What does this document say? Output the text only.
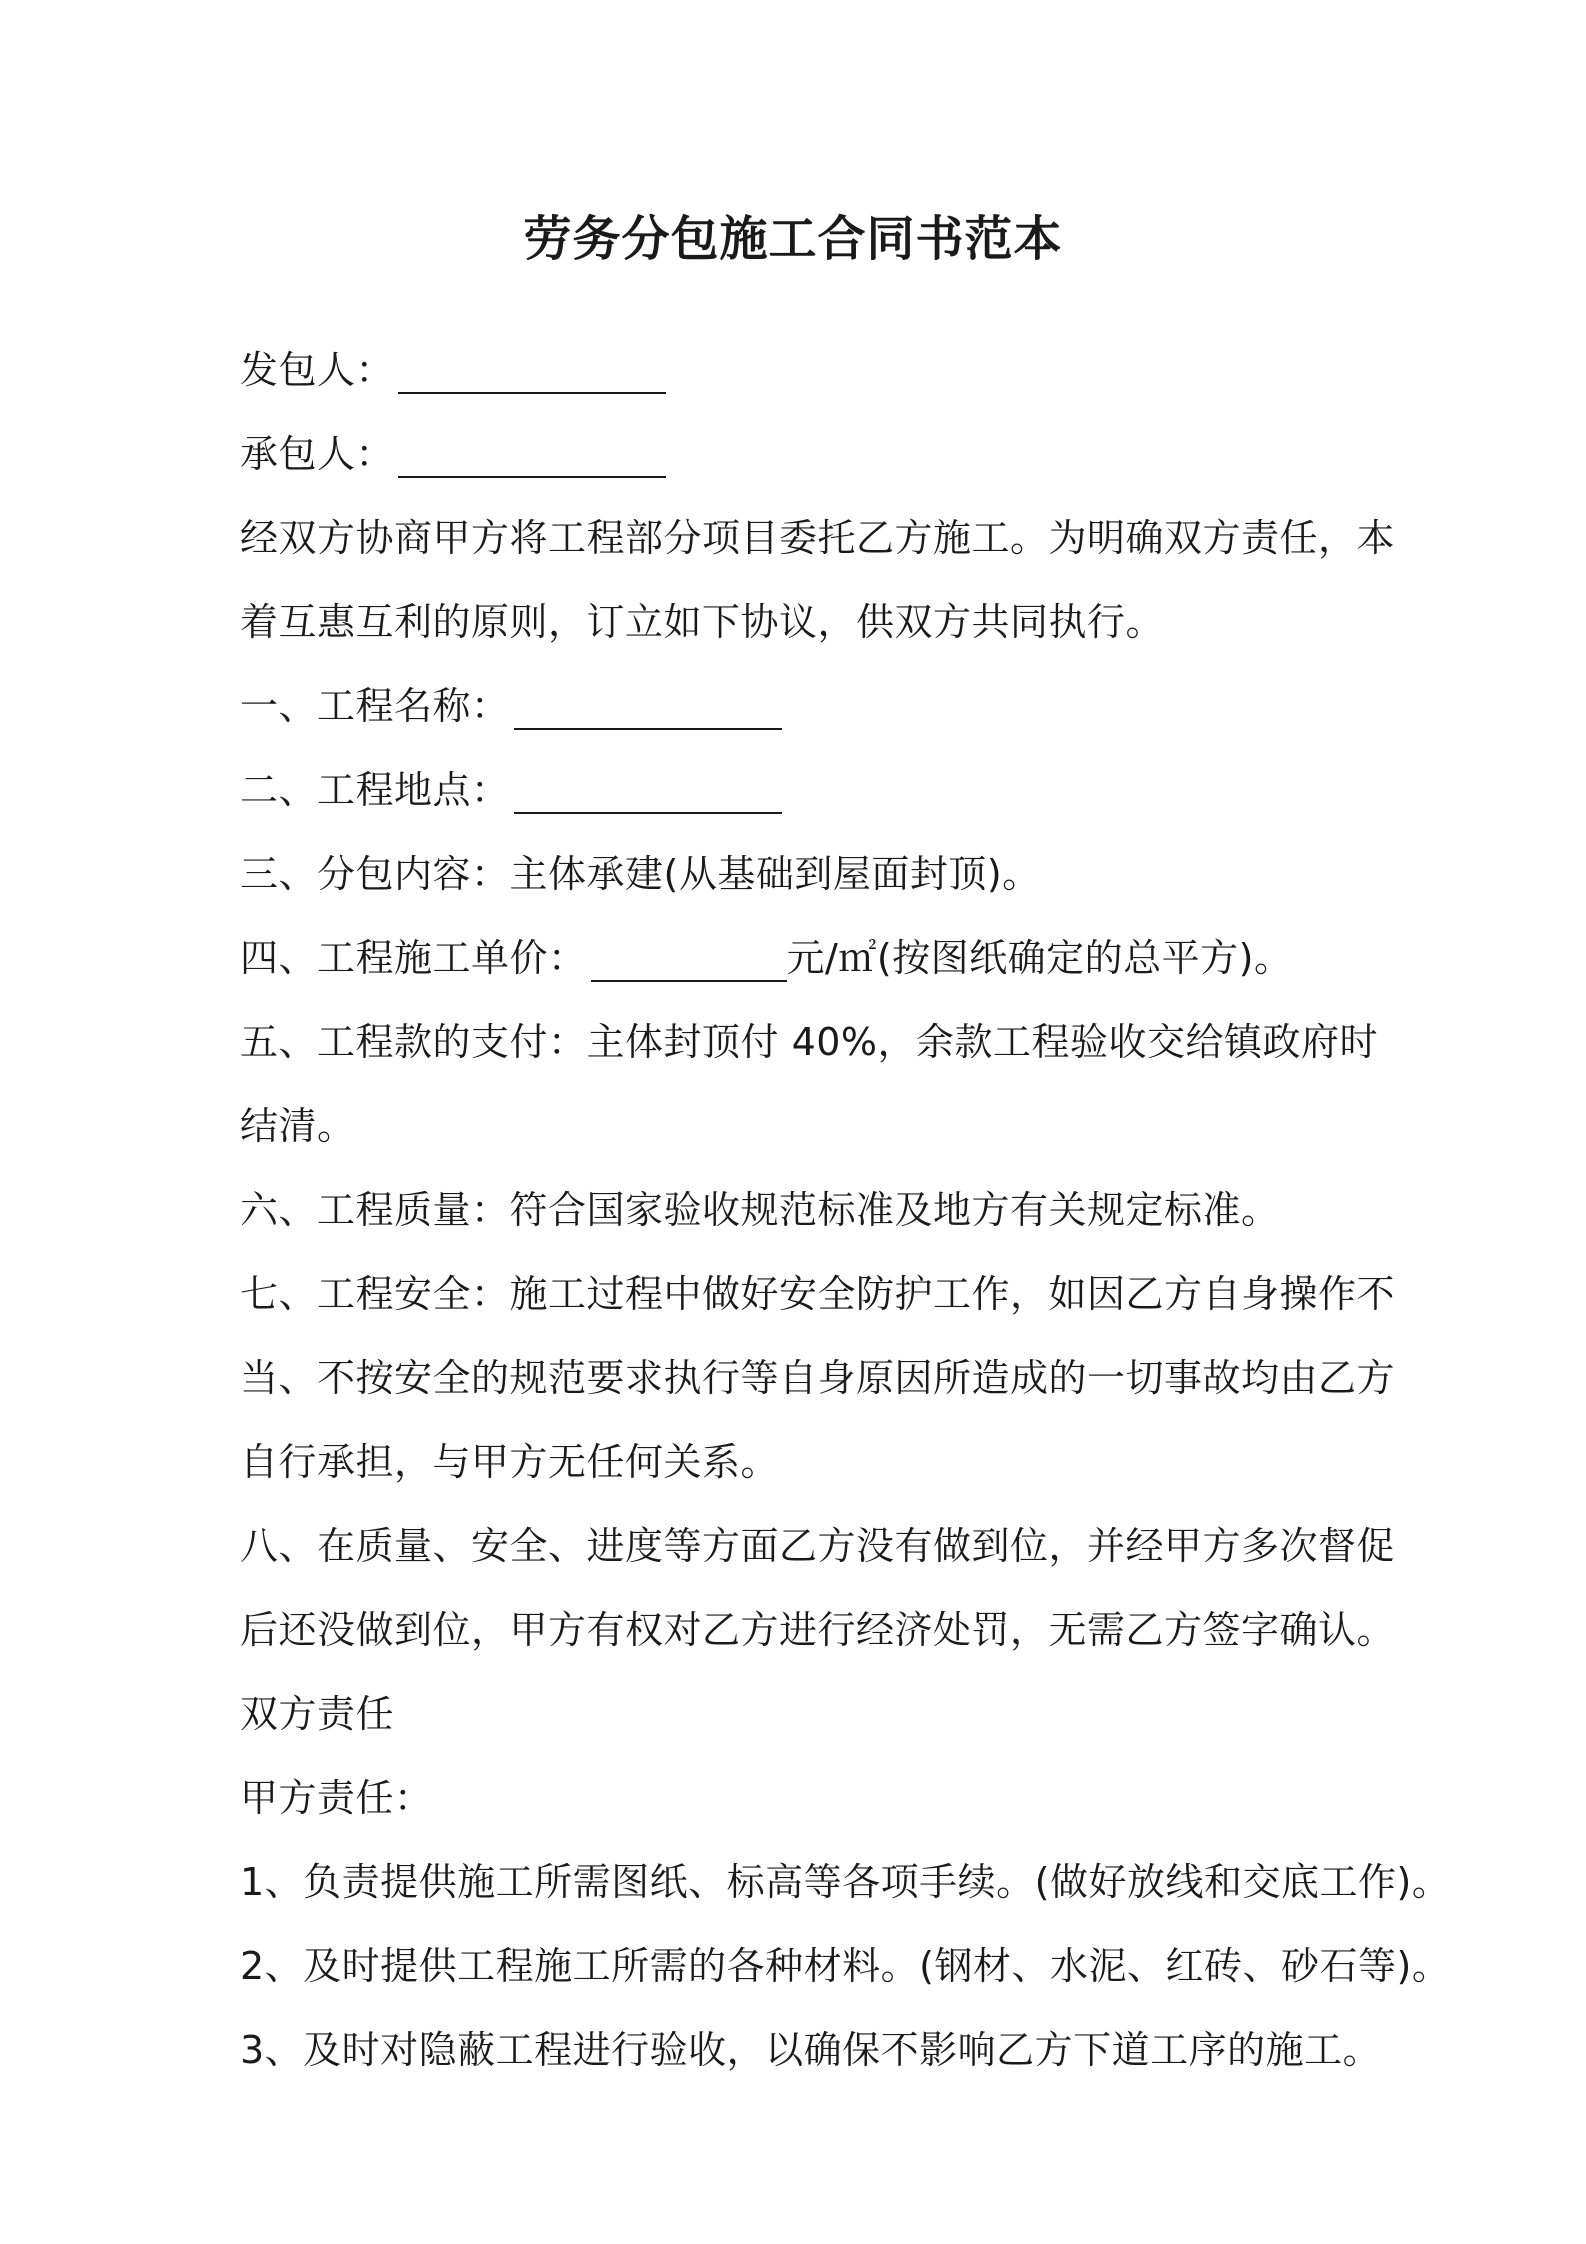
劳务分包施工合同书范本
发包人：
承包人：
经双方协商甲方将工程部分项目委托乙方施工。为明确双方责任，本
着互惠互利的原则，订立如下协议，供双方共同执行。
一、工程名称：
二、工程地点：
三、分包内容：主体承建(从基础到屋面封顶)。
四、工程施工单价：	元/㎡(按图纸确定的总平方)。
五、工程款的支付：主体封顶付 40%，余款工程验收交给镇政府时
结清。
六、工程质量：符合国家验收规范标准及地方有关规定标准。
七、工程安全：施工过程中做好安全防护工作，如因乙方自身操作不
当、不按安全的规范要求执行等自身原因所造成的一切事故均由乙方
自行承担，与甲方无任何关系。
八、在质量、安全、进度等方面乙方没有做到位，并经甲方多次督促
后还没做到位，甲方有权对乙方进行经济处罚，无需乙方签字确认。
双方责任
甲方责任：
1、负责提供施工所需图纸、标高等各项手续。(做好放线和交底工作)。
2、及时提供工程施工所需的各种材料。(钢材、水泥、红砖、砂石等)。
3、及时对隐蔽工程进行验收，以确保不影响乙方下道工序的施工。
